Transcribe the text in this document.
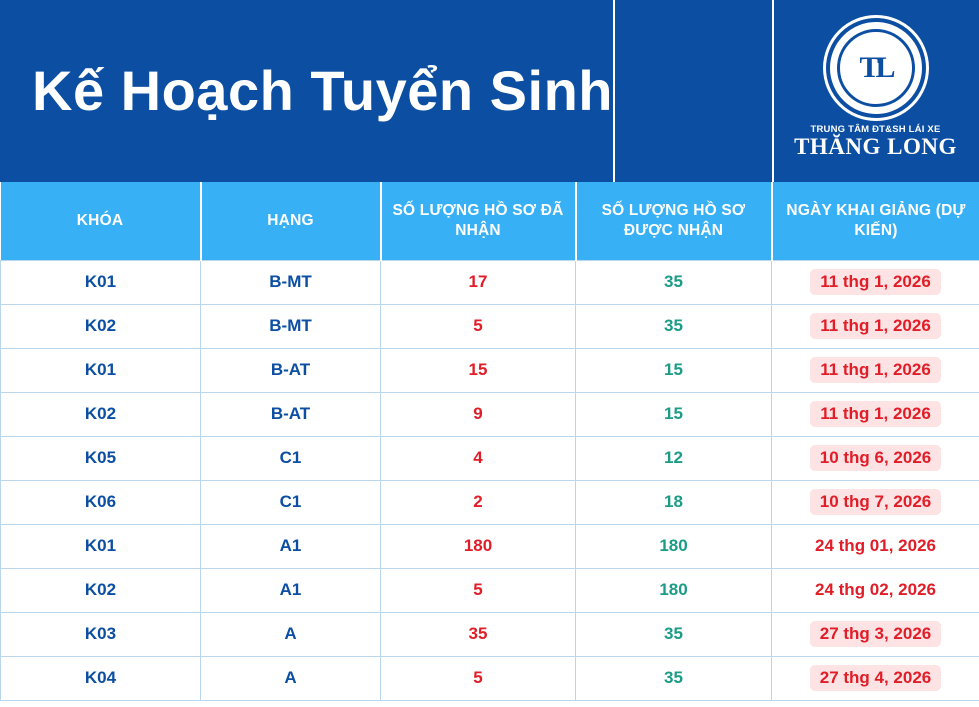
Kế Hoạch Tuyển Sinh	TL
TRUNG TÂM ĐT&SH LÁI XE
THĂNG LONG
KHÓA	HẠNG	SỐ LƯỢNG HỒ SƠ ĐÃ NHẬN	SỐ LƯỢNG HỒ SƠ ĐƯỢC NHẬN	NGÀY KHAI GIẢNG (DỰ KIẾN)
K01	B-MT	17	35	11 thg 1, 2026
K02	B-MT	5	35	11 thg 1, 2026
K01	B-AT	15	15	11 thg 1, 2026
K02	B-AT	9	15	11 thg 1, 2026
K05	C1	4	12	10 thg 6, 2026
K06	C1	2	18	10 thg 7, 2026
K01	A1	180	180	24 thg 01, 2026
K02	A1	5	180	24 thg 02, 2026
K03	A	35	35	27 thg 3, 2026
K04	A	5	35	27 thg 4, 2026
